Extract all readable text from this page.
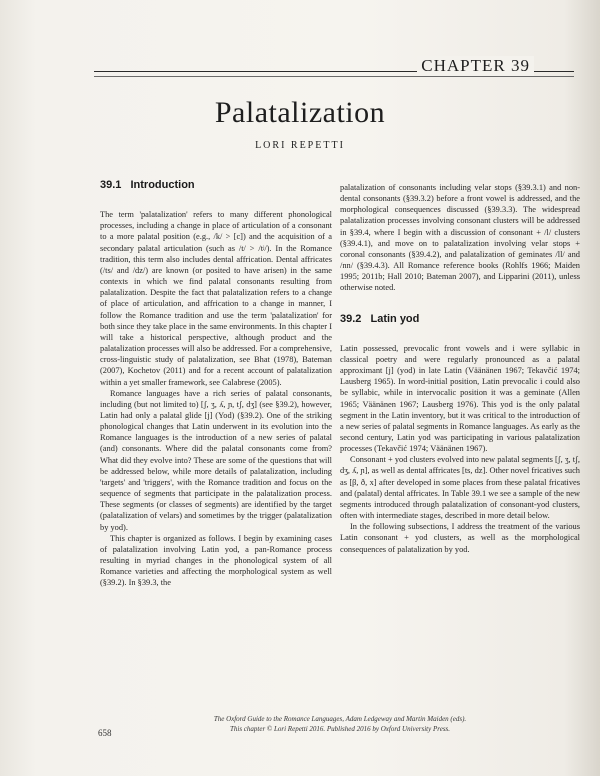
CHAPTER 39
Palatalization
LORI REPETTI
39.1 Introduction

The term 'palatalization' refers to many different phonological processes, including a change in place of articulation of a consonant to a more palatal position (e.g., /k/ > [c]) and the acquisition of a secondary palatal articulation (such as /t/ > /tʲ/). In the Romance tradition, this term also includes dental affrication. Dental affricates (/ts/ and /dz/) are known (or posited to have arisen) in the same contexts in which we find palatal consonants resulting from palatalization. Despite the fact that palatalization refers to a change of place of articulation, and affrication to a change in manner, I follow the Romance tradition and use the term 'palatalization' for both since they take place in the same environments. In this chapter I will take a historical perspective, although product and the palatalization processes will also be addressed. For a comprehensive, cross-linguistic study of palatalization, see Bhat (1978), Bateman (2007), Kochetov (2011) and for a recent account of palatalization within a yet smaller framework, see Calabrese (2005).

Romance languages have a rich series of palatal consonants, including (but not limited to) [ʃ, ʒ, ʎ, ɲ, tʃ, dʒ] (see §39.2), however, Latin had only a palatal glide [j] (Yod) (§39.2). One of the striking phonological changes that Latin underwent in its evolution into the Romance languages is the introduction of a new series of palatal (and) consonants. Where did the palatal consonants come from? What did they evolve into? These are some of the questions that will be addressed below, while more details of palatalization, including 'targets' and 'triggers', with the Romance tradition and focus on the sequence of segments that participate in the palatalization process. These segments (or classes of segments) are identified by the target (palatalization of velars) and sometimes by the trigger (palatalization by yod).

This chapter is organized as follows. I begin by examining cases of palatalization involving Latin yod, a pan-Romance process resulting in myriad changes in the phonological system of all Romance varieties and affecting the morphological system as well (§39.2). In §39.3, the

palatalization of consonants including velar stops (§39.3.1) and non-dental consonants (§39.3.2) before a front vowel is addressed, and the morphological consequences discussed (§39.3.3). The widespread palatalization processes involving consonant clusters will be addressed in §39.4, where I begin with a discussion of consonant + /l/ clusters (§39.4.1), and move on to palatalization involving velar stops + coronal consonants (§39.4.2), and palatalization of geminates /ll/ and /nn/ (§39.4.3). All Romance reference books (Rohlfs 1966; Maiden 1995; 2011b; Hall 2010; Bateman 2007), and Lipparini (2011), unless otherwise noted.

39.2 Latin yod

Latin possessed, prevocalic front vowels and i were syllabic in classical poetry and were regularly pronounced as a palatal approximant [j] (yod) in late Latin (Väänänen 1967; Tekavčić 1974; Lausberg 1965). In word-initial position, Latin prevocalic i could also be syllabic, while in intervocalic position it was a geminate (Allen 1965; Väänänen 1967; Lausberg 1976). This yod is the only palatal segment in the Latin inventory, but it was critical to the introduction of a new series of palatal segments in Romance languages. As early as the second century, Latin yod was participating in various palatalization processes (Tekavčić 1974; Väänänen 1967).

Consonant + yod clusters evolved into new palatal segments [ʃ, ʒ, tʃ, dʒ, ʎ, ɲ], as well as dental affricates [ts, dz]. Other novel fricatives such as [β, ð, x] after developed in some places from these palatal fricatives and (palatal) dental affricates. In Table 39.1 we see a sample of the new segments introduced through palatalization of consonant-yod clusters, often with intermediate stages, described in more detail below.

In the following subsections, I address the treatment of the various Latin consonant + yod clusters, as well as the morphological consequences of palatalization by yod.

The Oxford Guide to the Romance Languages, Adam Ledgeway and Martin Maiden (eds).
This chapter © Lori Repetti 2016. Published 2016 by Oxford University Press.
658
